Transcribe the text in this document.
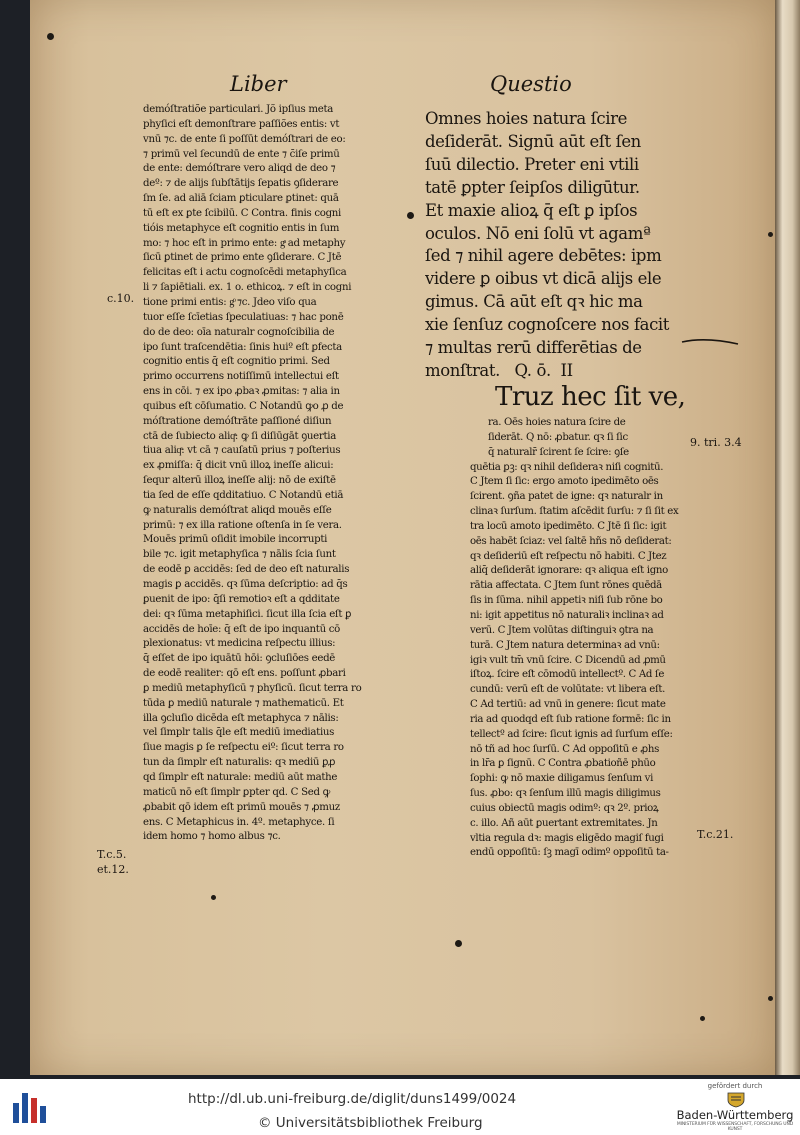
Liber	Questio
demóſtratiõe particulari. Jõ ipſius meta
phyſici eſt demonſtrare paſſiões entis: vt
vnū ⁊c. de ente ſi poſſūt demóſtrari de eo:
⁊ primū vel ſecundū de ente ⁊ c̄iſe primū
de ente: demóſtrare vero aliqd de deo ⁊
deº: ⁊ de alijs ſubſtātijs ſepatis ꝯſiderare
ſm ſe. ad aliā ſciam ꝑticulare ꝑtinet: quā
tū eſt ex ꝑte ſcibilū. C Contra. finis cogni
tióis metaphyce eſt cognitio entis in ſum
mo: ⁊ hoc eſt in primo ente: gͣ ad metaphy
ſicū ꝑtinet de primo ente ꝯſiderare. C Jtē
felicitas eſt i actu cognoſcēdi metaphyſica
li ⁊ ſapiētiali. ex. 1 o. ethicoꝝ. ⁊ eſt in cogni
tione primi entis: gͦ ⁊c. Jdeo viſo qua
tuor eſſe ſcīetias ſpeculatiuas: ⁊ hac ponē
do de deo: oīa naturalr cognoſcibilia de
ipo ſunt traſcendētia: ſinis huiº eſt ꝑfecta
cognitio entis q̄ eſt cognitio primi. Sed
primo occurrens notiſſimū intellectui eſt
ens in cōi. ⁊ ex ipo ꝓbaꝛ ꝓmitas: ⁊ alia in
quibus eſt cōſumatio. C Notandū ꝙo ꝓ de
móſtratione demóſtrāte paſſioné diſiun
ctā de ſubiecto aliqͣ: ꝙ ſi diſiūgāt ꝯuertia
tiua aliqͣ: vt cā ⁊ cauſatū prius ⁊ poſterius
ex ꝓmiſſa: q̄ dicit vnū illoꝝ ineſſe alicui:
ſequr alterū illoꝝ ineſſe alij: nō de exiſtē
tia ſed de eſſe qdditatiuo. C Notandū etiā
ꝙ naturalis demóſtrat aliqd mouēs eſſe
primū: ⁊ ex illa ratione oſtenſa in ſe vera.
Mouēs primū oſidit imobile incorrupti
bile ⁊c. igit metaphyſica ⁊ nālis ſcia ſunt
de eodē ꝑ accidēs: ſed de deo eſt naturalis
magis ꝑ accidēs. qꝛ ſūma deſcriptio: ad q̄s
ꝑuenit de ipo: q̄ſi remotioꝛ eſt a qdditate
dei: qꝛ ſūma metaphiſici. ſicut illa ſcia eſt ꝑ
accidēs de hoīe: q̄ eſt de ipo inquantū cō
plexionatus: vt medicina reſpectu illius:
q̄ eſſet de ipo iquātū hōi: ꝯcluſiōes eedē
de eodē realiter: qō eſt ens. poſſunt ꝓbari
ꝑ mediū metaphyſicū ⁊ phyſicū. ſicut terra ro
tūda ꝑ mediū naturale ⁊ mathematicū. Et
illa ꝯcluſio dicēda eſt metaphyca ⁊ nālis:
vel ſimplr talis q̄le eſt mediū imediatius
ſiue magis ꝑ ſe reſpectu eiº: ſicut terra ro
tun da ſimplr eſt naturalis: qꝛ mediū ꝑꝓ
qd ſimplr eſt naturale: mediū aūt mathe
maticū nō eſt ſimplr ꝑpter qd. C Sed ꝙ
ꝓbabit qō idem eſt primū mouēs ⁊ ꝓmuz
ens. C Metaphicus in. 4º. metaphyce. ſi
idem homo ⁊ homo albus ⁊c.
Omnes hoies natura ſcire
deſiderāt. Signū aūt eſt ſen
ſuū dilectio. Preter eni vtili
tatē ꝑpter ſeipſos diligūtur.
Et maxie alioꝝ q̄ eſt ꝑ ipſos
oculos. Nō eni ſolū vt agamª
ſed ⁊ nihil agere debētes: ipm
videre ꝑ oibus vt dicā alijs ele
gimus. Cā aūt eſt qꝛ hic ma
xie ſenſuz cognoſcere nos facit
⁊ multas rerū differētias de
monſtrat.   Q. ō.  II
Truz hec ſit ve,
ra. Oēs hoies natura ſcire de
ſiderāt. Q̄ nō: ꝓbatur. qꝛ ſi ſic
q̄ naturalr̄ ſcirent ſe ſcire: ꝯſe
quētia ꝑꝫ: qꝛ nihil deſideraꝛ niſi cognitū.
C Jtem ſi ſic: ergo amoto ipedimēto oēs
ſcirent. ꝯña patet de igne: qꝛ naturalr in
clinaꝛ ſurſum. ſtatim aſcēdit ſurſu: ⁊ ſi ſit ex
tra locū amoto ipedimēto. C Jtē ſi ſic: igit
oēs habēt ſciaz: vel ſaltē hñs nō deſiderat:
qꝛ deſideriū eſt reſpectu nō habiti. C Jtez
aliq̄ deſiderāt ignorare: qꝛ aliqua eſt igno
rātia affectata. C Jtem ſunt rōnes quēdā
ſis in ſūma. nihil appetiꝛ niſi ſub rōne bo
ni: igit appetitus nō naturaliꝛ inclinaꝛ ad
verū. C Jtem volūtas diſtinguiꝛ ꝯtra na
turā. C Jtem natura determinaꝛ ad vnū:
igiꝛ vult tm̄ vnū ſcire. C Dicendū ad ꝓmū
iſtoꝝ. ſcire eſt cōmodū intellectº. C Ad ſe
cundū: verū eſt de volūtate: vt libera eſt.
C Ad tertiū: ad vnū in genere: ſicut mate
ria ad quodqd eſt ſub ratione formē: ſic in
tellectº ad ſcire: ſicut ignis ad ſurſum eſſe:
nō tñ ad hoc ſurſū. C Ad oppoſitū e ꝓhs
in lr̄a ꝑ ſignū. C Contra ꝓbatioñē phūo
ſophi: ꝙ nō maxie diligamus ſenſum vi
ſus. ꝓbo: qꝛ ſenſum illū magis diligimus
cuius obiectū magis odimº: qꝛ 2º. prioꝝ
c. illo. Añ aūt ꝑuertant extremitates. Jn
vltia regula dꝛ: magis eligēdo magiſ fugi
endū oppoſitū: ſꝫ magī odimº oppoſitū ta-
c.10.
T.c.5.
et.12.
9. tri. 3.4
T.c.21.
http://dl.ub.uni-freiburg.de/diglit/duns1499/0024
© Universitätsbibliothek Freiburg
gefördert durch
Baden-Württemberg
MINISTERIUM FÜR WISSENSCHAFT, FORSCHUNG UND KUNST
